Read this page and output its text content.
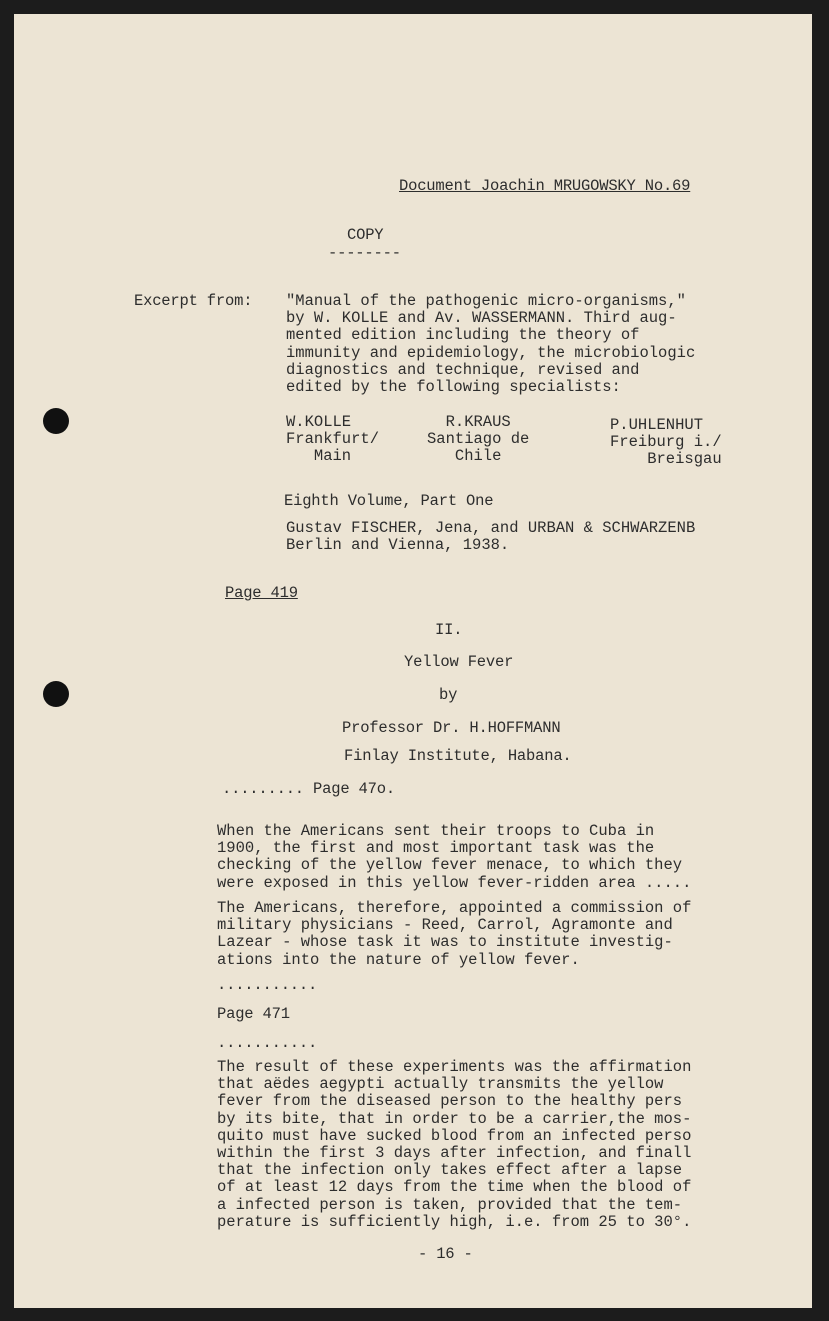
Document Joachin MRUGOWSKY No.69
COPY
--------
Excerpt from: "Manual of the pathogenic micro-organisms,"
by W. KOLLE and Av. WASSERMANN. Third aug-
mented edition including the theory of
immunity and epidemiology, the microbiologic
diagnostics and technique, revised and
edited by the following specialists:
W.KOLLE
Frankfurt/
Main
R.KRAUS
Santiago de
Chile
P.UHLENHUT
Freiburg i./
Breisgau
Eighth Volume, Part One
Gustav FISCHER, Jena, and URBAN & SCHWARZENB
Berlin and Vienna, 1938.
Page 419
II.
Yellow Fever
by
Professor Dr. H.HOFFMANN
Finlay Institute, Habana.
......... Page 47o.
When the Americans sent their troops to Cuba in
1900, the first and most important task was the
checking of the yellow fever menace, to which they
were exposed in this yellow fever-ridden area .....
The Americans, therefore, appointed a commission of
military physicians - Reed, Carrol, Agramonte and
Lazear - whose task it was to institute investig-
ations into the nature of yellow fever.
...........
Page 471
...........
The result of these experiments was the affirmation
that aëdes aegypti actually transmits the yellow
fever from the diseased person to the healthy pers
by its bite, that in order to be a carrier,the mos-
quito must have sucked blood from an infected perso
within the first 3 days after infection, and finall
that the infection only takes effect after a lapse
of at least 12 days from the time when the blood of
a infected person is taken, provided that the tem-
perature is sufficiently high, i.e. from 25 to 30°.
- 16 -
